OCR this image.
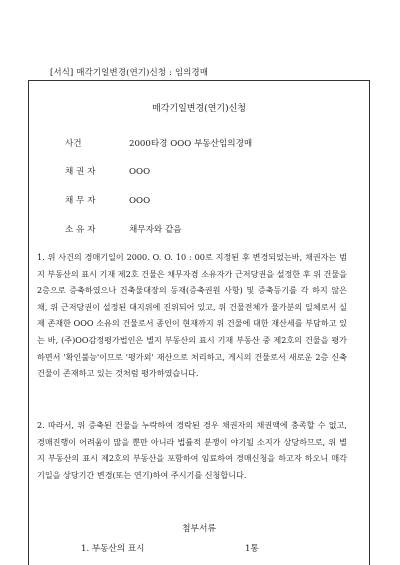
[서식] 매각기일변경(연기)신청 : 임의경매
매각기일변경(연기)신청
사건	2000타경 OOO 부동산임의경매
채 권 자	OOO
채 무 자	OOO
소 유 자	채무자와 같음
1. 위 사건의 경매기일이 2000. O. O. 10 : 00로 지정된 후 변경되었는바, 채권자는 범지 부동산의 표시 기재 제2호 건물은 채무자겸 소유자가 근저당권을 설정한 후 위 건물을 2층으로 증축하였으나 건축물대장의 등재(증축권원 사항) 및 증축등기를 각 하지 않은 채, 위 근저당권이 설정된 대지위에 진위되어 있고, 위 건물전체가 물가분의 일체로서 실제 존재한 OOO 소유의 건물로서 종인이 현재까지 위 건물에 대한 재산세를 부담하고 있는 바, (주)OO감정평가법인은 별지 부동산의 표시 기재 부동산 중 제2호의 건물을 평가하면서 '확인불능'이므로 '평가외' 재산으로 처리하고, 게시의 건물로서 새로운 2층 신축건물이 존재하고 있는 것처럼 평가하였습니다.
2. 따라서, 위 증축된 건물을 누락하여 경락된 경우 채권자의 채권액에 충족할 수 없고, 경매진행이 어려움이 많을 뿐만 아니라 법률적 분쟁이 야기될 소지가 상당하므로, 위 별지 부동산의 표시 제2호의 부동산을 포함하여 임료하여 경매신청을 하고자 하오니 매각기일을 상당기간 변경(또는 연기)하여 주시기를 신청합니다.
첨부서류
1. 부동산의 표시	1통
